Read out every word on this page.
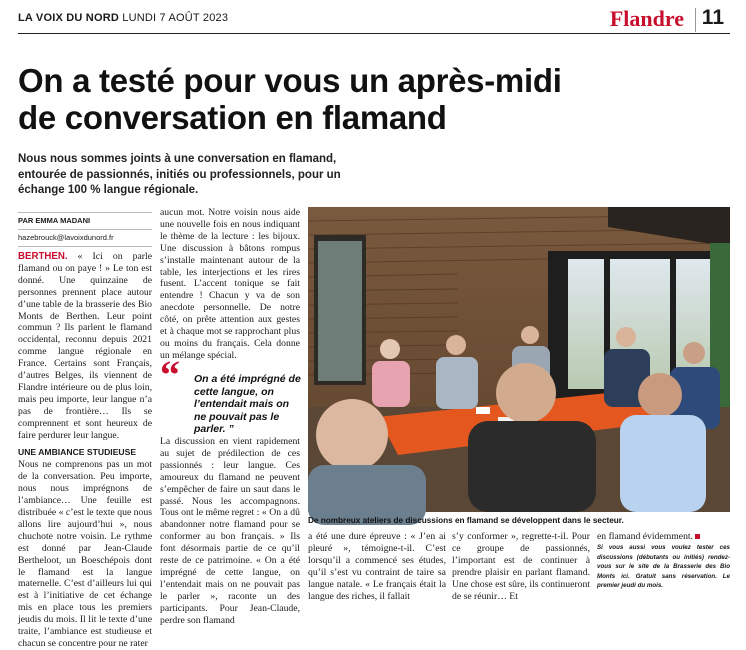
LA VOIX DU NORD LUNDI 7 AOÛT 2023	Flandre 11
On a testé pour vous un après-midi
de conversation en flamand
Nous nous sommes joints à une conversation en flamand, entourée de passionnés, initiés ou professionnels, pour un échange 100 % langue régionale.
PAR EMMA MADANI
hazebrouck@lavoixdunord.fr

BERTHEN. « Ici on parle flamand ou on paye ! » Le ton est donné. Une quinzaine de personnes prennent place autour d’une table de la brasserie des Bio Monts de Berthen. Leur point commun ? Ils parlent le flamand occidental, reconnu depuis 2021 comme langue régionale en France. Certains sont Français, d’autres Belges, ils viennent de Flandre intérieure ou de plus loin, mais peu importe, leur langue n’a pas de frontière… Ils se comprennent et sont heureux de faire perdurer leur langue.

UNE AMBIANCE STUDIEUSE

Nous ne comprenons pas un mot de la conversation. Peu importe, nous nous imprégnons de l’ambiance… Une feuille est distribuée « c’est le texte que nous allons lire aujourd’hui », nous chuchote notre voisin. Le rythme est donné par Jean-Claude Bertheloot, un Boeschépois dont le flamand est la langue maternelle. C’est d’ailleurs lui qui est à l’initiative de cet échange mis en place tous les premiers jeudis du mois. Il lit le texte d’une traite, l’ambiance est studieuse et chacun se concentre pour ne rater

aucun mot. Notre voisin nous aide une nouvelle fois en nous indiquant le thème de la lecture : les bijoux. Une discussion à bâtons rompus s’installe maintenant autour de la table, les interjections et les rires fusent. L’accent tonique se fait entendre ! Chacun y va de son anecdote personnelle. De notre côté, on prête attention aux gestes et à chaque mot se rapprochant plus ou moins du français. Cela donne un mélange spécial.

“ On a été imprégné de cette langue, on l’entendait mais on ne pouvait pas le parler. ”

La discussion en vient rapidement au sujet de prédilection de ces passionnés : leur langue. Ces amoureux du flamand ne peuvent s’empêcher de faire un saut dans le passé. Nous les accompagnons. Tous ont le même regret : « On a dû abandonner notre flamand pour se conformer au bon français. » Ils font désormais partie de ce qu’il reste de ce patrimoine. « On a été imprégné de cette langue, on l’entendait mais on ne pouvait pas le parler », raconte un des participants. Pour Jean-Claude, perdre son flamand

De nombreux ateliers de discussions en flamand se développent dans le secteur.

a été une dure épreuve : « J’en ai pleuré », témoigne-t-il. C’est lorsqu’il a commencé ses études, qu’il s’est vu contraint de taire sa langue natale. « Le français était la langue des riches, il fallait

s’y conformer », regrette-t-il. Pour ce groupe de passionnés, l’important est de continuer à prendre plaisir en parlant flamand. Une chose est sûre, ils continueront de se réunir… Et

en flamand évidemment.

Si vous aussi vous voulez tester ces discussions (débutants ou initiés) rendez-vous sur le site de la Brasserie des Bio Monts ici. Gratuit sans réservation. Le premier jeudi du mois.
